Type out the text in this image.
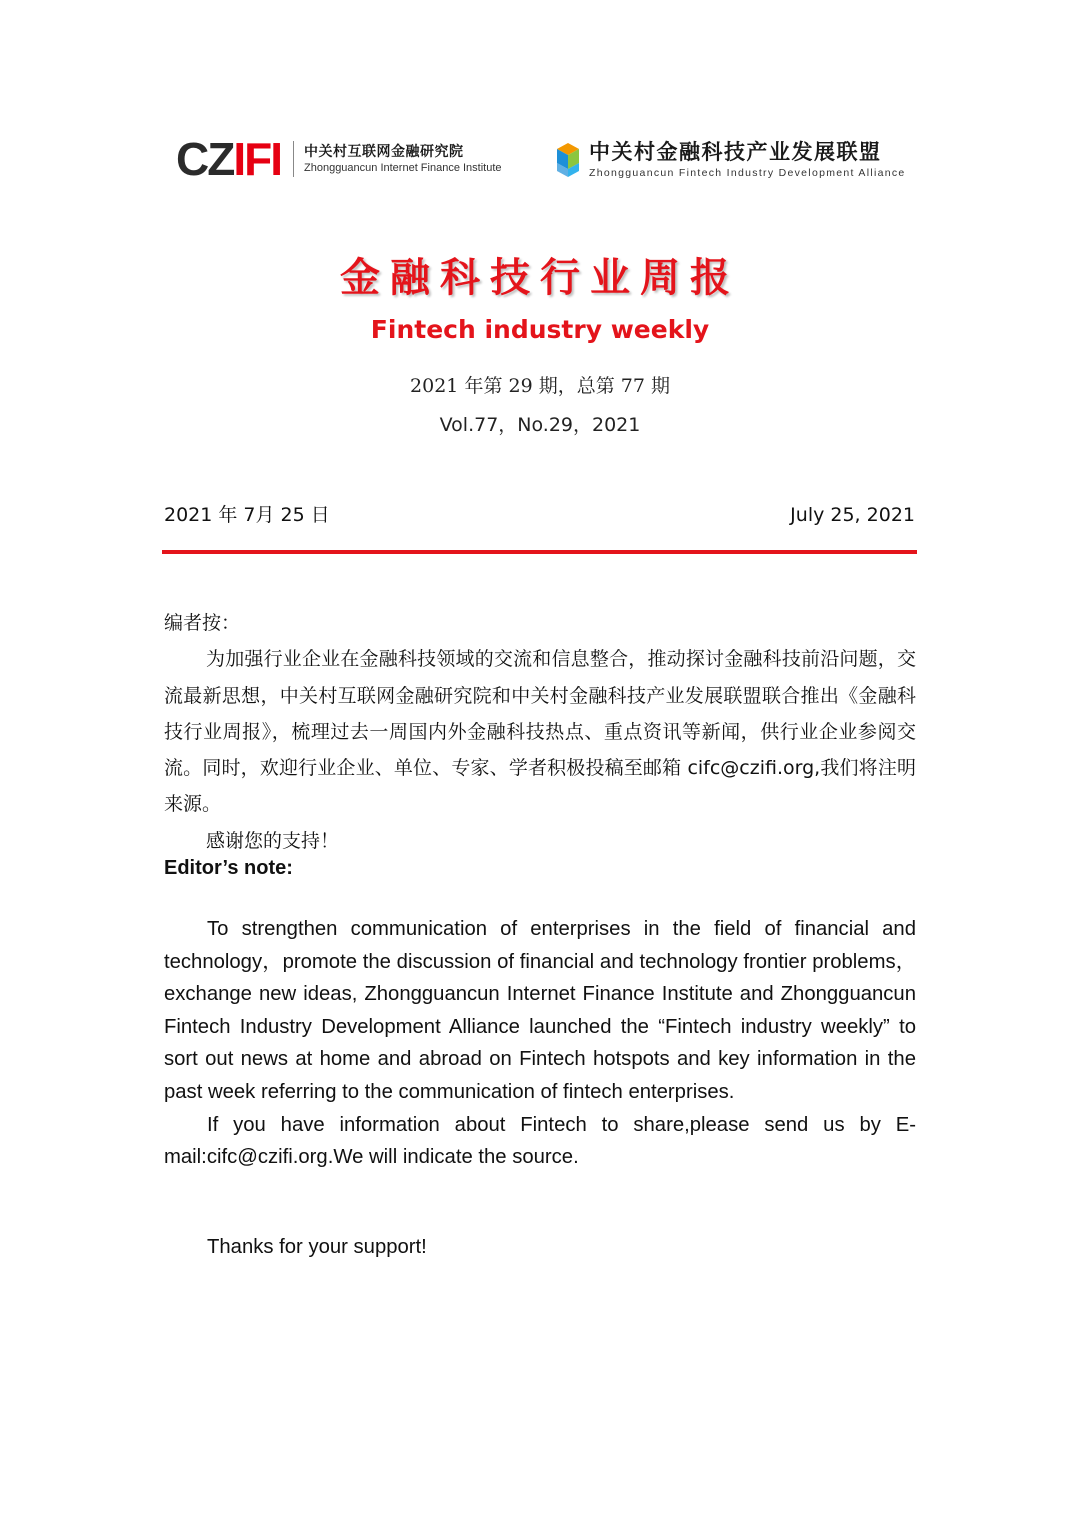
CZ IFI 中关村互联网金融研究院
Zhongguancun Internet Finance Institute
中关村金融科技产业发展联盟
Zhongguancun Fintech Industry Development Alliance
金融科技行业周报
Fintech industry weekly
2021 年第 29 期，总第 77 期
Vol.77，No.29，2021
2021 年 7月 25 日	July 25, 2021

编者按：

为加强行业企业在金融科技领域的交流和信息整合，推动探讨金融科技前沿问题，交流最新思想，中关村互联网金融研究院和中关村金融科技产业发展联盟联合推出《金融科技行业周报》，梳理过去一周国内外金融科技热点、重点资讯等新闻，供行业企业参阅交流。同时，欢迎行业企业、单位、专家、学者积极投稿至邮箱 cifc@czifi.org,我们将注明来源。

感谢您的支持！

Editor’s note:

To strengthen communication of enterprises in the field of financial and technology，promote the discussion of financial and technology frontier problems，exchange new ideas, Zhongguancun Internet Finance Institute and Zhongguancun Fintech Industry Development Alliance launched the “Fintech industry weekly” to sort out news at home and abroad on Fintech hotspots and key information in the past week referring to the communication of fintech enterprises.

If you have information about Fintech to share,please send us by E-mail:cifc@czifi.org.We will indicate the source.

Thanks for your support!
